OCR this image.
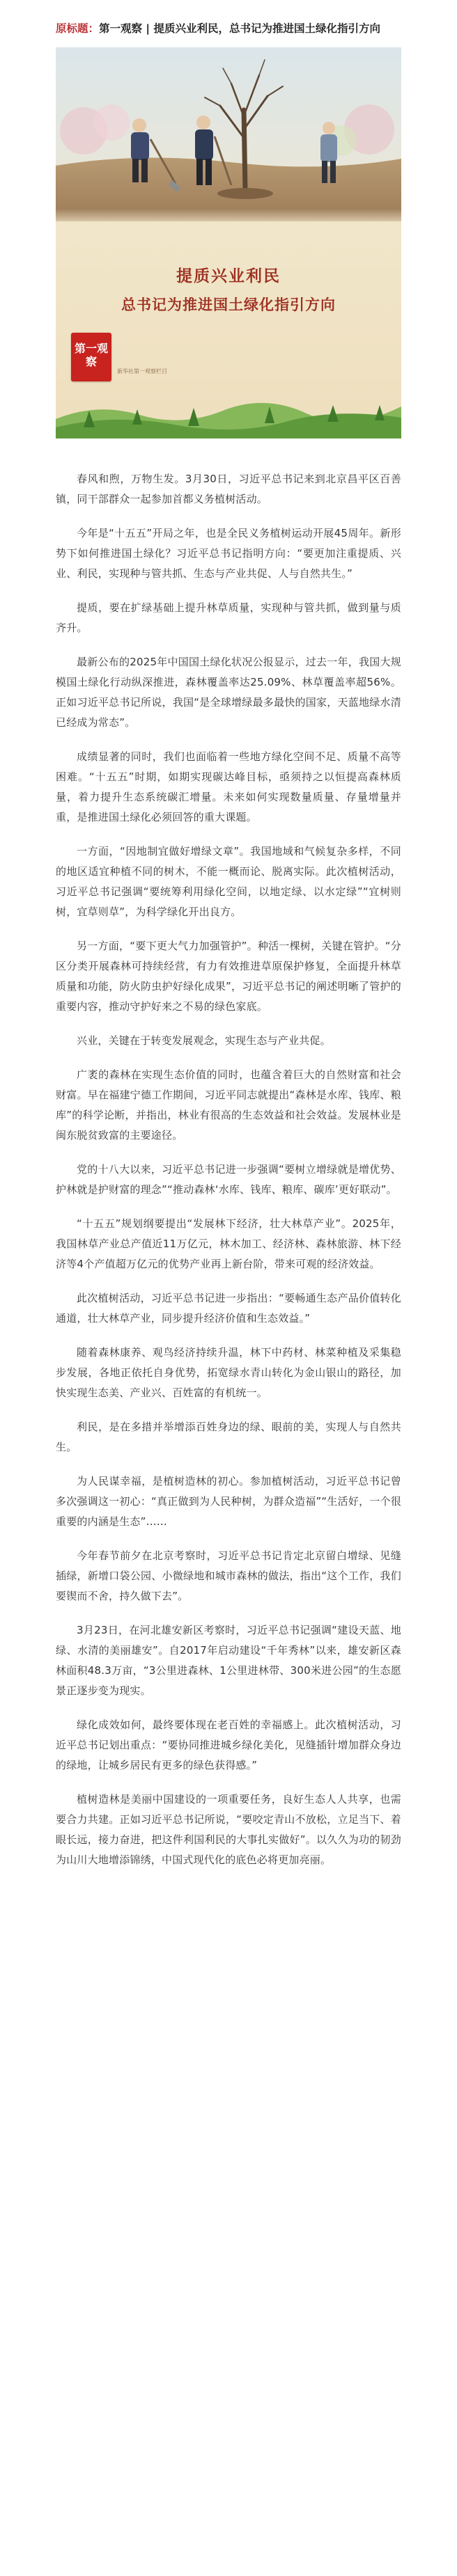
原标题：第一观察 | 提质兴业利民，总书记为推进国土绿化指引方向
提质兴业利民
总书记为推进国土绿化指引方向
第一观察
新华社第一观察栏目

春风和煦，万物生发。3月30日，习近平总书记来到北京昌平区百善镇，同干部群众一起参加首都义务植树活动。

今年是“十五五”开局之年，也是全民义务植树运动开展45周年。新形势下如何推进国土绿化？习近平总书记指明方向：“要更加注重提质、兴业、利民，实现种与管共抓、生态与产业共促、人与自然共生。”

提质，要在扩绿基础上提升林草质量，实现种与管共抓，做到量与质齐升。

最新公布的2025年中国国土绿化状况公报显示，过去一年，我国大规模国土绿化行动纵深推进，森林覆盖率达25.09%、林草覆盖率超56%。正如习近平总书记所说，我国“是全球增绿最多最快的国家，天蓝地绿水清已经成为常态”。

成绩显著的同时，我们也面临着一些地方绿化空间不足、质量不高等困难。“十五五”时期，如期实现碳达峰目标，亟须持之以恒提高森林质量，着力提升生态系统碳汇增量。未来如何实现数量质量、存量增量并重，是推进国土绿化必须回答的重大课题。

一方面，“因地制宜做好增绿文章”。我国地域和气候复杂多样，不同的地区适宜种植不同的树木，不能一概而论、脱离实际。此次植树活动，习近平总书记强调“要统筹利用绿化空间，以地定绿、以水定绿”“宜树则树，宜草则草”，为科学绿化开出良方。

另一方面，“要下更大气力加强管护”。种活一棵树，关键在管护。“分区分类开展森林可持续经营，有力有效推进草原保护修复，全面提升林草质量和功能，防火防虫护好绿化成果”，习近平总书记的阐述明晰了管护的重要内容，推动守护好来之不易的绿色家底。

兴业，关键在于转变发展观念，实现生态与产业共促。

广袤的森林在实现生态价值的同时，也蕴含着巨大的自然财富和社会财富。早在福建宁德工作期间，习近平同志就提出“森林是水库、钱库、粮库”的科学论断，并指出，林业有很高的生态效益和社会效益。发展林业是闽东脱贫致富的主要途径。

党的十八大以来，习近平总书记进一步强调“要树立增绿就是增优势、护林就是护财富的理念”“推动森林‘水库、钱库、粮库、碳库’更好联动”。

“十五五”规划纲要提出“发展林下经济，壮大林草产业”。2025年，我国林草产业总产值近11万亿元，林木加工、经济林、森林旅游、林下经济等4个产值超万亿元的优势产业再上新台阶，带来可观的经济效益。

此次植树活动，习近平总书记进一步指出：“要畅通生态产品价值转化通道，壮大林草产业，同步提升经济价值和生态效益。”

随着森林康养、观鸟经济持续升温，林下中药材、林菜种植及采集稳步发展，各地正依托自身优势，拓宽绿水青山转化为金山银山的路径，加快实现生态美、产业兴、百姓富的有机统一。

利民，是在多措并举增添百姓身边的绿、眼前的美，实现人与自然共生。

为人民谋幸福，是植树造林的初心。参加植树活动，习近平总书记曾多次强调这一初心：“真正做到为人民种树，为群众造福”“生活好，一个很重要的内涵是生态”……

今年春节前夕在北京考察时，习近平总书记肯定北京留白增绿、见缝插绿，新增口袋公园、小微绿地和城市森林的做法，指出“这个工作，我们要锲而不舍，持久做下去”。

3月23日，在河北雄安新区考察时，习近平总书记强调“建设天蓝、地绿、水清的美丽雄安”。自2017年启动建设“千年秀林”以来，雄安新区森林面积48.3万亩，“3公里进森林、1公里进林带、300米进公园”的生态愿景正逐步变为现实。

绿化成效如何，最终要体现在老百姓的幸福感上。此次植树活动，习近平总书记划出重点：“要协同推进城乡绿化美化，见缝插针增加群众身边的绿地，让城乡居民有更多的绿色获得感。”

植树造林是美丽中国建设的一项重要任务，良好生态人人共享，也需要合力共建。正如习近平总书记所说，“要咬定青山不放松，立足当下、着眼长远，接力奋进，把这件利国利民的大事扎实做好”。以久久为功的韧劲为山川大地增添锦绣，中国式现代化的底色必将更加亮丽。
